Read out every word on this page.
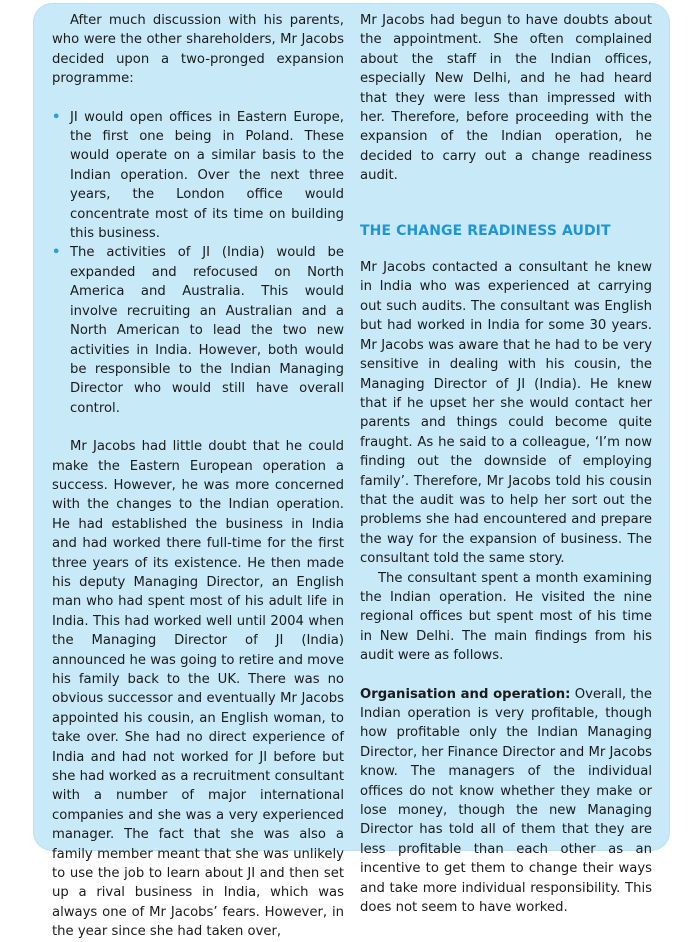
After much discussion with his parents, who were the other shareholders, Mr Jacobs decided upon a two-pronged expansion programme:

• JI would open offices in Eastern Europe, the first one being in Poland. These would operate on a similar basis to the Indian operation. Over the next three years, the London office would concentrate most of its time on building this business.
• The activities of JI (India) would be expanded and refocused on North America and Australia. This would involve recruiting an Australian and a North American to lead the two new activities in India. However, both would be responsible to the Indian Managing Director who would still have overall control.

Mr Jacobs had little doubt that he could make the Eastern European operation a success. However, he was more concerned with the changes to the Indian operation. He had established the business in India and had worked there full-time for the first three years of its existence. He then made his deputy Managing Director, an English man who had spent most of his adult life in India. This had worked well until 2004 when the Managing Director of JI (India) announced he was going to retire and move his family back to the UK. There was no obvious successor and eventually Mr Jacobs appointed his cousin, an English woman, to take over. She had no direct experience of India and had not worked for JI before but she had worked as a recruitment consultant with a number of major international companies and she was a very experienced manager. The fact that she was also a family member meant that she was unlikely to use the job to learn about JI and then set up a rival business in India, which was always one of Mr Jacobs’ fears. However, in the year since she had taken over,

Mr Jacobs had begun to have doubts about the appointment. She often complained about the staff in the Indian offices, especially New Delhi, and he had heard that they were less than impressed with her. Therefore, before proceeding with the expansion of the Indian operation, he decided to carry out a change readiness audit.

THE CHANGE READINESS AUDIT

Mr Jacobs contacted a consultant he knew in India who was experienced at carrying out such audits. The consultant was English but had worked in India for some 30 years. Mr Jacobs was aware that he had to be very sensitive in dealing with his cousin, the Managing Director of JI (India). He knew that if he upset her she would contact her parents and things could become quite fraught. As he said to a colleague, ‘I’m now finding out the downside of employing family’. Therefore, Mr Jacobs told his cousin that the audit was to help her sort out the problems she had encountered and prepare the way for the expansion of business. The consultant told the same story.

The consultant spent a month examining the Indian operation. He visited the nine regional offices but spent most of his time in New Delhi. The main findings from his audit were as follows.

Organisation and operation: Overall, the Indian operation is very profitable, though how profitable only the Indian Managing Director, her Finance Director and Mr Jacobs know. The managers of the individual offices do not know whether they make or lose money, though the new Managing Director has told all of them that they are less profitable than each other as an incentive to get them to change their ways and take more individual responsibility. This does not seem to have worked.
